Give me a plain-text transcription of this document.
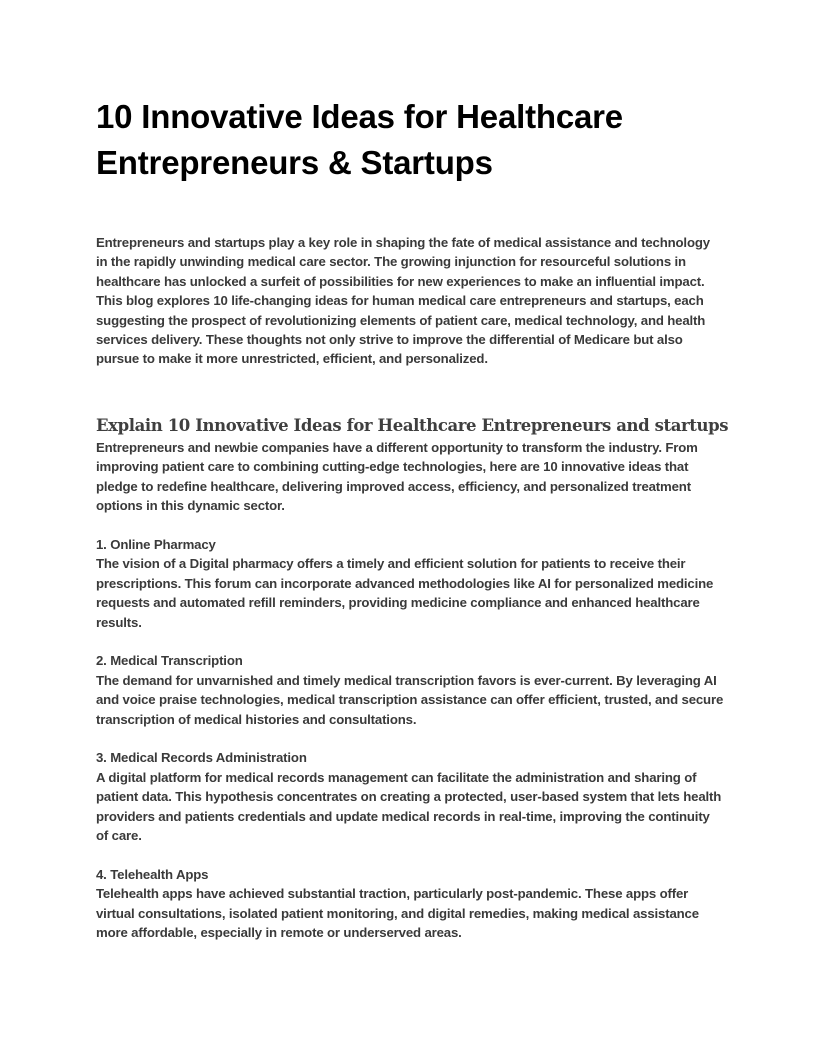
10 Innovative Ideas for Healthcare Entrepreneurs & Startups

Entrepreneurs and startups play a key role in shaping the fate of medical assistance and technology in the rapidly unwinding medical care sector. The growing injunction for resourceful solutions in healthcare has unlocked a surfeit of possibilities for new experiences to make an influential impact. This blog explores 10 life-changing ideas for human medical care entrepreneurs and startups, each suggesting the prospect of revolutionizing elements of patient care, medical technology, and health services delivery. These thoughts not only strive to improve the differential of Medicare but also pursue to make it more unrestricted, efficient, and personalized.

Explain 10 Innovative Ideas for Healthcare Entrepreneurs and startups

Entrepreneurs and newbie companies have a different opportunity to transform the industry. From improving patient care to combining cutting-edge technologies, here are 10 innovative ideas that pledge to redefine healthcare, delivering improved access, efficiency, and personalized treatment options in this dynamic sector.

1. Online Pharmacy

The vision of a Digital pharmacy offers a timely and efficient solution for patients to receive their prescriptions. This forum can incorporate advanced methodologies like AI for personalized medicine requests and automated refill reminders, providing medicine compliance and enhanced healthcare results.

2. Medical Transcription

The demand for unvarnished and timely medical transcription favors is ever-current. By leveraging AI and voice praise technologies, medical transcription assistance can offer efficient, trusted, and secure transcription of medical histories and consultations.

3. Medical Records Administration

A digital platform for medical records management can facilitate the administration and sharing of patient data. This hypothesis concentrates on creating a protected, user-based system that lets health providers and patients credentials and update medical records in real-time, improving the continuity of care.

4. Telehealth Apps

Telehealth apps have achieved substantial traction, particularly post-pandemic. These apps offer virtual consultations, isolated patient monitoring, and digital remedies, making medical assistance more affordable, especially in remote or underserved areas.
